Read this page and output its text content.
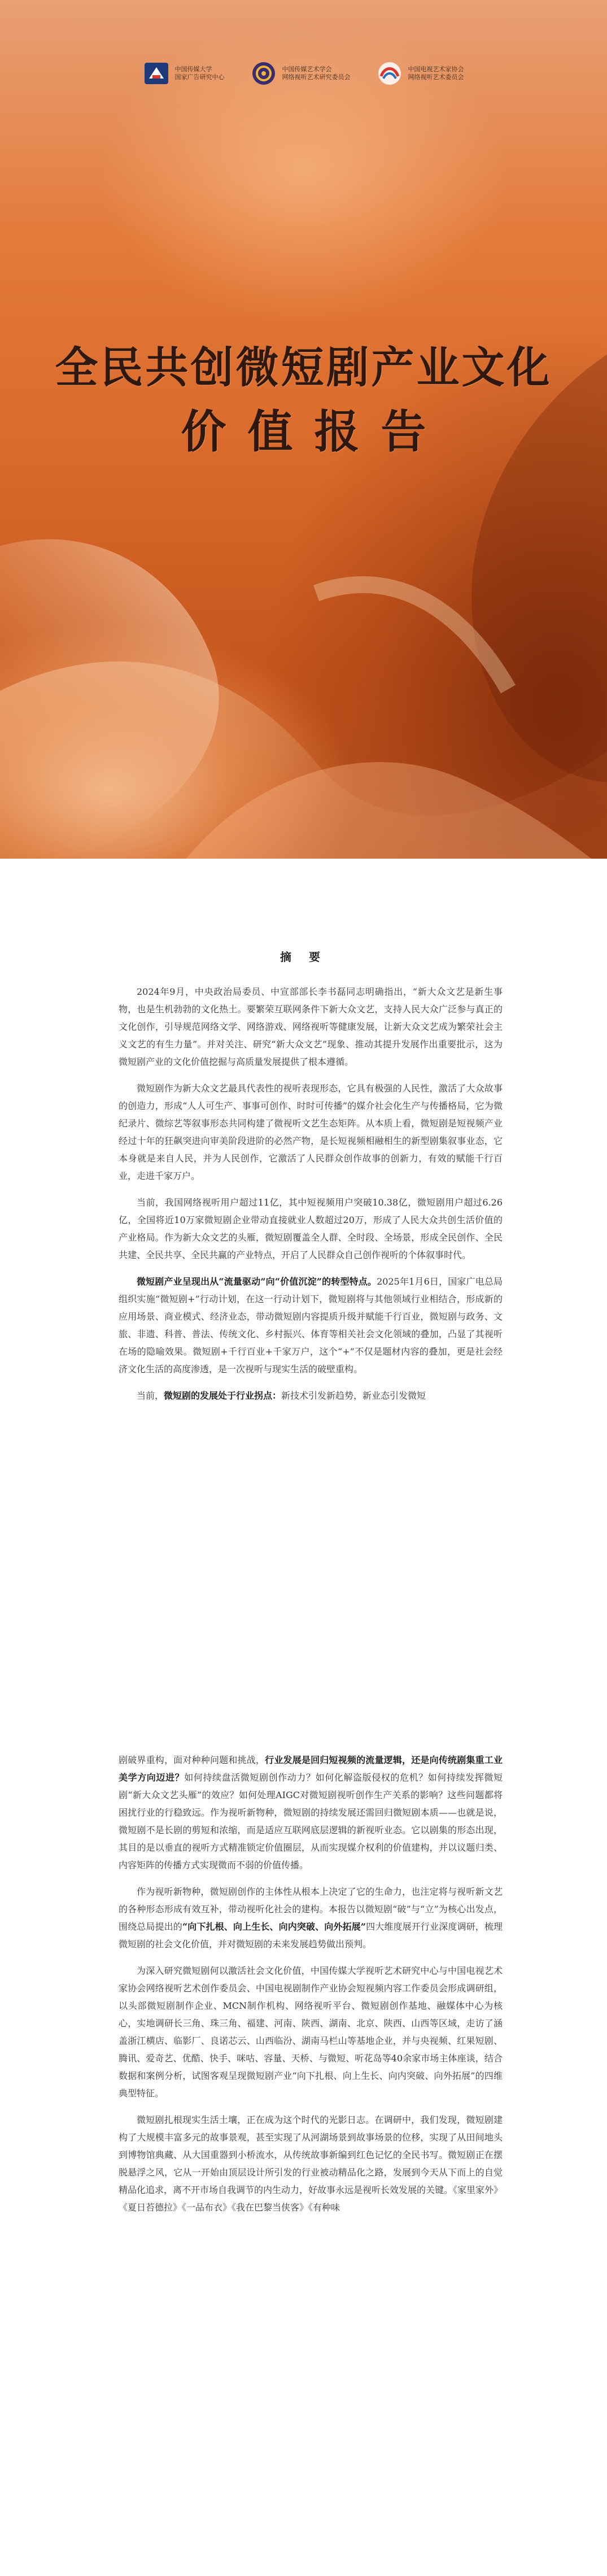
中国传媒大学
国家广告研究中心
中国传媒艺术学会
网络视听艺术研究委员会
中国电视艺术家协会
网络视听艺术委员会
全民共创微短剧产业文化
价值报告
摘 要

2024年9月，中央政治局委员、中宣部部长李书磊同志明确指出，“新大众文艺是新生事物，也是生机勃勃的文化热土。要繁荣互联网条件下新大众文艺，支持人民大众广泛参与真正的文化创作，引导规范网络文学、网络游戏、网络视听等健康发展，让新大众文艺成为繁荣社会主义文艺的有生力量”。并对关注、研究“新大众文艺”现象、推动其提升发展作出重要批示，这为微短剧产业的文化价值挖掘与高质量发展提供了根本遵循。

微短剧作为新大众文艺最具代表性的视听表现形态，它具有极强的人民性，激活了大众故事的创造力，形成“人人可生产、事事可创作、时时可传播”的媒介社会化生产与传播格局，它为微纪录片、微综艺等叙事形态共同构建了微视听文艺生态矩阵。从本质上看，微短剧是短视频产业经过十年的狂飙突进向审美阶段进阶的必然产物，是长短视频相融相生的新型剧集叙事业态，它本身就是来自人民，并为人民创作，它激活了人民群众创作故事的创新力，有效的赋能千行百业，走进千家万户。

当前，我国网络视听用户超过11亿，其中短视频用户突破10.38亿，微短剧用户超过6.26亿，全国将近10万家微短剧企业带动直接就业人数超过20万，形成了人民大众共创生活价值的产业格局。作为新大众文艺的头雁，微短剧覆盖全人群、全时段、全场景，形成全民创作、全民共建、全民共享、全民共赢的产业特点，开启了人民群众自己创作视听的个体叙事时代。

微短剧产业呈现出从“流量驱动”向“价值沉淀”的转型特点。2025年1月6日，国家广电总局组织实施“微短剧+”行动计划，在这一行动计划下，微短剧将与其他领域行业相结合，形成新的应用场景、商业模式、经济业态，带动微短剧内容提质升级并赋能千行百业，微短剧与政务、文旅、非遗、科普、普法、传统文化、乡村振兴、体育等相关社会文化领域的叠加，凸显了其视听在场的隐喻效果。微短剧+千行百业+千家万户，这个“+”不仅是题材内容的叠加，更是社会经济文化生活的高度渗透，是一次视听与现实生活的破壁重构。

当前，微短剧的发展处于行业拐点：新技术引发新趋势，新业态引发微短

剧破界重构，面对种种问题和挑战，行业发展是回归短视频的流量逻辑，还是向传统剧集重工业美学方向迈进？如何持续盘活微短剧创作动力？如何化解盗版侵权的危机？如何持续发挥微短剧“新大众文艺头雁”的效应？如何处理AIGC对微短剧视听创作生产关系的影响？这些问题都将困扰行业的行稳致远。作为视听新物种，微短剧的持续发展还需回归微短剧本质——也就是说，微短剧不是长剧的剪短和浓缩，而是适应互联网底层逻辑的新视听业态。它以剧集的形态出现，其目的是以垂直的视听方式精准锁定价值圈层，从而实现媒介权利的价值建构，并以议题归类、内容矩阵的传播方式实现微而不弱的价值传播。

作为视听新物种，微短剧创作的主体性从根本上决定了它的生命力，也注定将与视听新文艺的各种形态形成有效互补，带动视听化社会的建构。本报告以微短剧“破”与“立”为核心出发点，围绕总局提出的“向下扎根、向上生长、向内突破、向外拓展”四大维度展开行业深度调研，梳理微短剧的社会文化价值，并对微短剧的未来发展趋势做出预判。

为深入研究微短剧何以激活社会文化价值，中国传媒大学视听艺术研究中心与中国电视艺术家协会网络视听艺术创作委员会、中国电视剧制作产业协会短视频内容工作委员会形成调研组，以头部微短剧制作企业、MCN制作机构、网络视听平台、微短剧创作基地、融媒体中心为核心，实地调研长三角、珠三角、福建、河南、陕西、湖南、北京、陕西、山西等区域，走访了涵盖浙江横店、临影厂、良诺芯云、山西临汾、湖南马栏山等基地企业，并与央视频、红果短剧、腾讯、爱奇艺、优酷、快手、咪咕、容量、天桥、与微短、听花岛等40余家市场主体座谈，结合数据和案例分析，试图客观呈现微短剧产业“向下扎根、向上生长、向内突破、向外拓展”的四维典型特征。

微短剧扎根现实生活土壤，正在成为这个时代的光影日志。在调研中，我们发现，微短剧建构了大规模丰富多元的故事景观，甚至实现了从河湖场景到故事场景的位移，实现了从田间地头到博物馆典藏、从大国重器到小桥流水，从传统故事新编到红色记忆的全民书写。微短剧正在摆脱悬浮之风，它从一开始由顶层设计所引发的行业被动精品化之路，发展到今天从下而上的自觉精品化追求，离不开市场自我调节的内生动力，好故事永远是视听长效发展的关键。《家里家外》《夏日苔德拉》《一品布衣》《我在巴黎当侠客》《有种味
